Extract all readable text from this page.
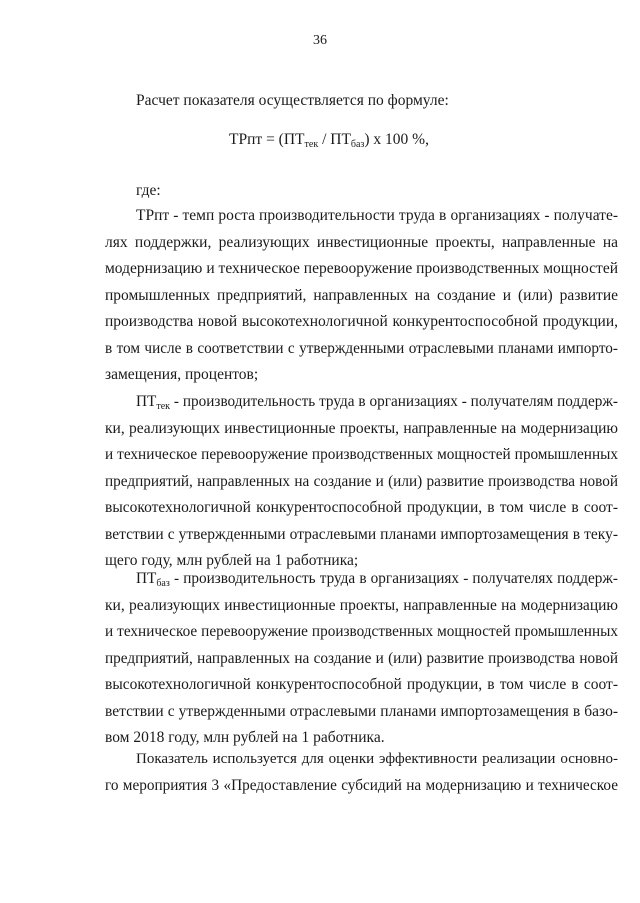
36
Расчет показателя осуществляется по формуле:
ТРпт = $(ПТ_{тек} / ПТ_{баз})$ х 100 %,
где:
ТРпт - темп роста производительности труда в организациях - получате-
лях поддержки, реализующих инвестиционные проекты, направленные на
модернизацию и техническое перевооружение производственных мощностей
промышленных предприятий, направленных на создание и (или) развитие
производства новой высокотехнологичной конкурентоспособной продукции,
в том числе в соответствии с утвержденными отраслевыми планами импорто-
замещения, процентов;
$ПТ_{тек}$ - производительность труда в организациях - получателям поддерж-
ки, реализующих инвестиционные проекты, направленные на модернизацию
и техническое перевооружение производственных мощностей промышленных
предприятий, направленных на создание и (или) развитие производства новой
высокотехнологичной конкурентоспособной продукции, в том числе в соот-
ветствии с утвержденными отраслевыми планами импортозамещения в теку-
щего году, млн рублей на 1 работника;
$ПТ_{баз}$ - производительность труда в организациях - получателях поддерж-
ки, реализующих инвестиционные проекты, направленные на модернизацию
и техническое перевооружение производственных мощностей промышленных
предприятий, направленных на создание и (или) развитие производства новой
высокотехнологичной конкурентоспособной продукции, в том числе в соот-
ветствии с утвержденными отраслевыми планами импортозамещения в базо-
вом 2018 году, млн рублей на 1 работника.
Показатель используется для оценки эффективности реализации основно-
го мероприятия 3 «Предоставление субсидий на модернизацию и техническое
